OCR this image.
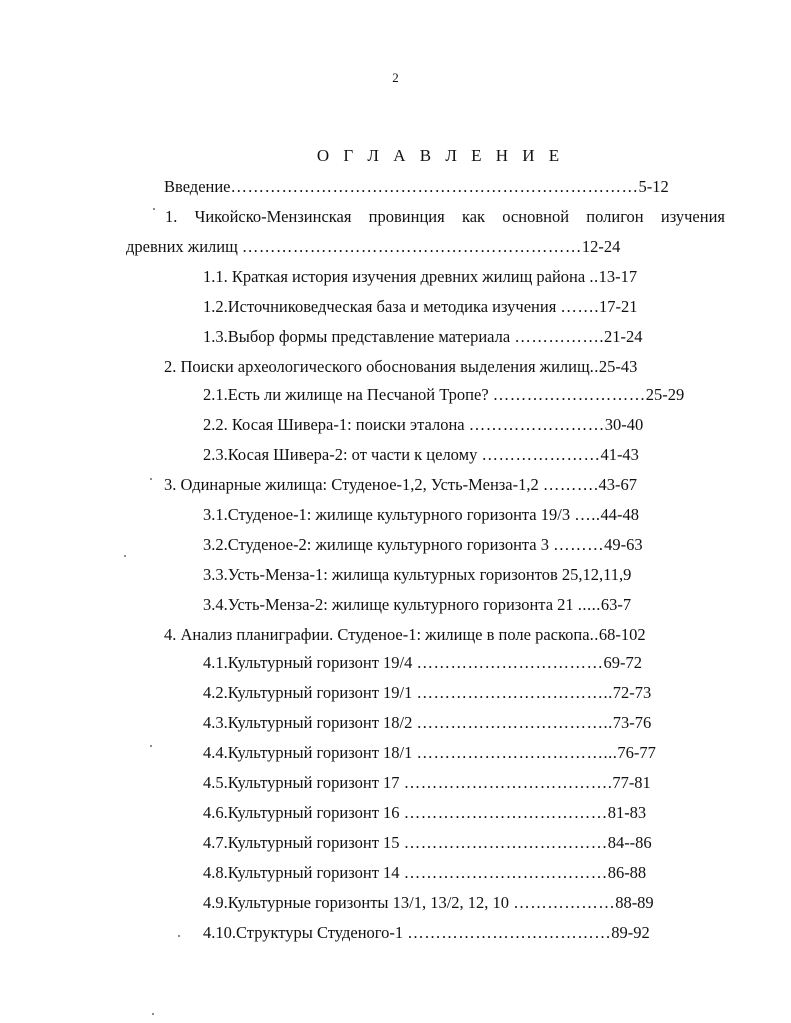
2
О Г Л А В Л Е Н И Е
Введение………………………………………………………………5-12
1. Чикойско-Мензинская провинция как основной полигон изучения
древних жилищ ……………………………………………………12-24
1.1. Краткая история изучения древних жилищ района ..13-17
1.2.Источниковедческая база и методика изучения …….17-21
1.3.Выбор формы представление материала …………….21-24
2. Поиски археологического обоснования выделения жилищ..25-43
2.1.Есть ли жилище на Песчаной Тропе? ………………………25-29
2.2. Косая Шивера-1: поиски эталона ……………………30-40
2.3.Косая Шивера-2: от части к целому …………………41-43
3. Одинарные жилища: Студеное-1,2, Усть-Менза-1,2 ……….43-67
3.1.Студеное-1: жилище культурного горизонта 19/3 …..44-48
3.2.Студеное-2: жилище культурного горизонта 3 ………49-63
3.3.Усть-Менза-1: жилища культурных горизонтов 25,12,11,9
3.4.Усть-Менза-2: жилище культурного горизонта 21 .....63-7
4. Анализ планиграфии. Студеное-1: жилище в поле раскопа..68-102
4.1.Культурный горизонт 19/4 ……………………………69-72
4.2.Культурный горизонт 19/1 ……………………………..72-73
4.3.Культурный горизонт 18/2 ……………………………..73-76
4.4.Культурный горизонт 18/1 ……………………………...76-77
4.5.Культурный горизонт 17 ……………………………….77-81
4.6.Культурный горизонт 16 ………………………………81-83
4.7.Культурный горизонт 15 ………………………………84--86
4.8.Культурный горизонт 14 ………………………………86-88
4.9.Культурные горизонты 13/1, 13/2, 12, 10 ………………88-89
4.10.Структуры Студеного-1 ………………………………89-92
